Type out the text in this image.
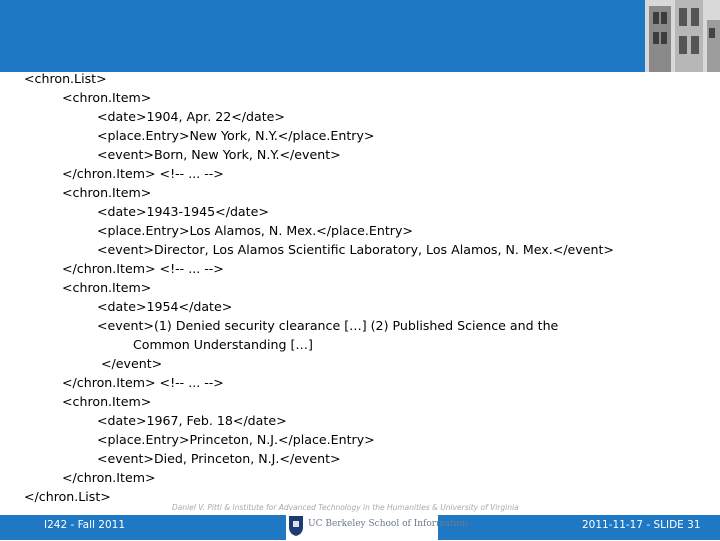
<chron.List>
<chron.Item>
<date>1904, Apr. 22</date>
<place.Entry>New York, N.Y.</place.Entry>
<event>Born, New York, N.Y.</event>
</chron.Item> <!-- ... -->
<chron.Item>
<date>1943-1945</date>
<place.Entry>Los Alamos, N. Mex.</place.Entry>
<event>Director, Los Alamos Scientific Laboratory, Los Alamos, N. Mex.</event>
</chron.Item> <!-- ... -->
<chron.Item>
<date>1954</date>
<event>(1) Denied security clearance […] (2) Published Science and the
Common Understanding […]
</event>
</chron.Item> <!-- ... -->
<chron.Item>
<date>1967, Feb. 18</date>
<place.Entry>Princeton, N.J.</place.Entry>
<event>Died, Princeton, N.J.</event>
</chron.Item>
</chron.List>
Daniel V. Pitti & Institute for Advanced Technology in the Humanities & University of Virginia
I242 - Fall 2011	2011-11-17 - SLIDE 31
UC Berkeley School of Information
